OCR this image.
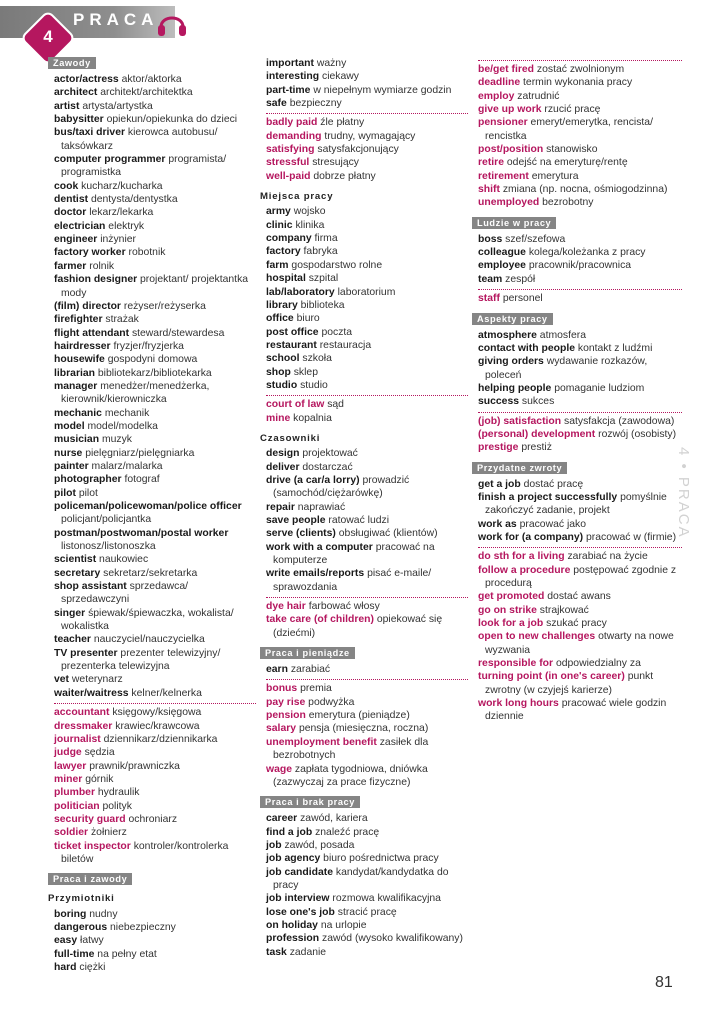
4
PRACA
Zawody
actor/actress aktor/aktorka
architect architekt/architektka
artist artysta/artystka
babysitter opiekun/opiekunka do dzieci
bus/taxi driver kierowca autobusu/ taksówkarz
computer programmer programista/ programistka
cook kucharz/kucharka
dentist dentysta/dentystka
doctor lekarz/lekarka
electrician elektryk
engineer inżynier
factory worker robotnik
farmer rolnik
fashion designer projektant/ projektantka mody
(film) director reżyser/reżyserka
firefighter strażak
flight attendant steward/stewardesa
hairdresser fryzjer/fryzjerka
housewife gospodyni domowa
librarian bibliotekarz/bibliotekarka
manager menedżer/menedżerka, kierownik/kierowniczka
mechanic mechanik
model model/modelka
musician muzyk
nurse pielęgniarz/pielęgniarka
painter malarz/malarka
photographer fotograf
pilot pilot
policeman/policewoman/police officer policjant/policjantka
postman/postwoman/postal worker listonosz/listonoszka
scientist naukowiec
secretary sekretarz/sekretarka
shop assistant sprzedawca/ sprzedawczyni
singer śpiewak/śpiewaczka, wokalista/ wokalistka
teacher nauczyciel/nauczycielka
TV presenter prezenter telewizyjny/ prezenterka telewizyjna
vet weterynarz
waiter/waitress kelner/kelnerka
accountant księgowy/księgowa
dressmaker krawiec/krawcowa
journalist dziennikarz/dziennikarka
judge sędzia
lawyer prawnik/prawniczka
miner górnik
plumber hydraulik
politician polityk
security guard ochroniarz
soldier żołnierz
ticket inspector kontroler/kontrolerka biletów
Praca i zawody
Przymiotniki
boring nudny
dangerous niebezpieczny
easy łatwy
full-time na pełny etat
hard ciężki
important ważny
interesting ciekawy
part-time w niepełnym wymiarze godzin
safe bezpieczny
badly paid źle płatny
demanding trudny, wymagający
satisfying satysfakcjonujący
stressful stresujący
well-paid dobrze płatny
Miejsca pracy
army wojsko
clinic klinika
company firma
factory fabryka
farm gospodarstwo rolne
hospital szpital
lab/laboratory laboratorium
library biblioteka
office biuro
post office poczta
restaurant restauracja
school szkoła
shop sklep
studio studio
court of law sąd
mine kopalnia
Czasowniki
design projektować
deliver dostarczać
drive (a car/a lorry) prowadzić (samochód/ciężarówkę)
repair naprawiać
save people ratować ludzi
serve (clients) obsługiwać (klientów)
work with a computer pracować na komputerze
write emails/reports pisać e-maile/ sprawozdania
dye hair farbować włosy
take care (of children) opiekować się (dziećmi)
Praca i pieniądze
earn zarabiać
bonus premia
pay rise podwyżka
pension emerytura (pieniądze)
salary pensja (miesięczna, roczna)
unemployment benefit zasiłek dla bezrobotnych
wage zapłata tygodniowa, dniówka (zazwyczaj za prace fizyczne)
Praca i brak pracy
career zawód, kariera
find a job znaleźć pracę
job zawód, posada
job agency biuro pośrednictwa pracy
job candidate kandydat/kandydatka do pracy
job interview rozmowa kwalifikacyjna
lose one's job stracić pracę
on holiday na urlopie
profession zawód (wysoko kwalifikowany)
task zadanie
be/get fired zostać zwolnionym
deadline termin wykonania pracy
employ zatrudnić
give up work rzucić pracę
pensioner emeryt/emerytka, rencista/ rencistka
post/position stanowisko
retire odejść na emeryturę/rentę
retirement emerytura
shift zmiana (np. nocna, ośmiogodzinna)
unemployed bezrobotny
Ludzie w pracy
boss szef/szefowa
colleague kolega/koleżanka z pracy
employee pracownik/pracownica
team zespół
staff personel
Aspekty pracy
atmosphere atmosfera
contact with people kontakt z ludźmi
giving orders wydawanie rozkazów, poleceń
helping people pomaganie ludziom
success sukces
(job) satisfaction satysfakcja (zawodowa)
(personal) development rozwój (osobisty)
prestige prestiż
Przydatne zwroty
get a job dostać pracę
finish a project successfully pomyślnie zakończyć zadanie, projekt
work as pracować jako
work for (a company) pracować w (firmie)
do sth for a living zarabiać na życie
follow a procedure postępować zgodnie z procedurą
get promoted dostać awans
go on strike strajkować
look for a job szukać pracy
open to new challenges otwarty na nowe wyzwania
responsible for odpowiedzialny za
turning point (in one's career) punkt zwrotny (w czyjejś karierze)
work long hours pracować wiele godzin dziennie
4 • PRACA
81
